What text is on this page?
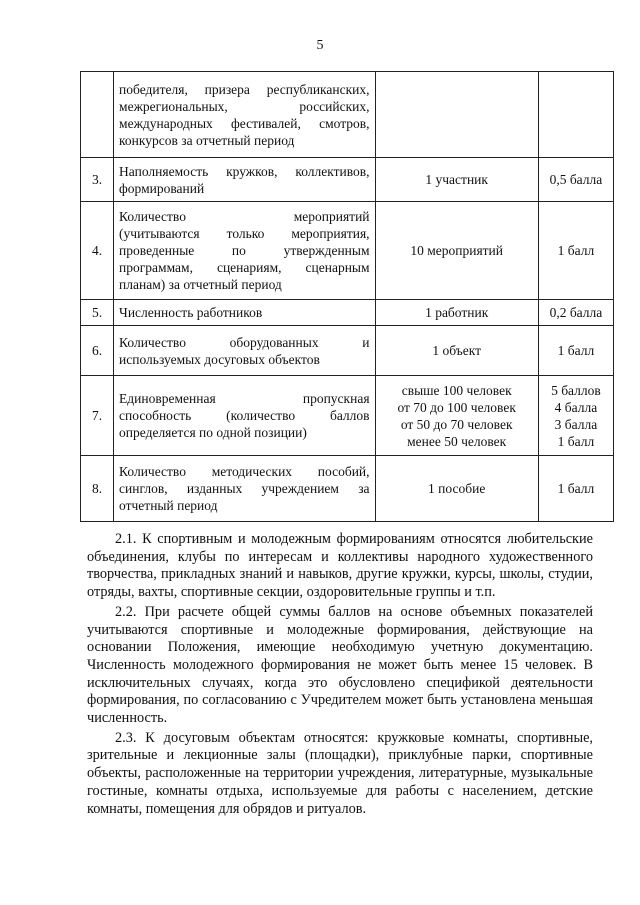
5

	победителя, призера республиканских,
межрегиональных, российских,
международных фестивалей, смотров,
конкурсов за отчетный период		

3.	Наполняемость кружков, коллективов,
формирований	1 участник	0,5 балла

4.	Количество мероприятий
(учитываются только мероприятия,
проведенные по утвержденным
программам, сценариям, сценарным
планам) за отчетный период	10 мероприятий	1 балл

5.	Численность работников	1 работник	0,2 балла

6.	Количество оборудованных и
используемых досуговых объектов	1 объект	1 балл

7.	Единовременная пропускная
способность (количество баллов
определяется по одной позиции)	свыше 100 человек
от 70 до 100 человек
от 50 до 70 человек
менее 50 человек	5 баллов
4 балла
3 балла
1 балл

8.	Количество методических пособий,
синглов, изданных учреждением за
отчетный период	1 пособие	1 балл

2.1. К спортивным и молодежным формированиям относятся любительские объединения, клубы по интересам и коллективы народного художественного творчества, прикладных знаний и навыков, другие кружки, курсы, школы, студии, отряды, вахты, спортивные секции, оздоровительные группы и т.п.

2.2. При расчете общей суммы баллов на основе объемных показателей учитываются спортивные и молодежные формирования, действующие на основании Положения, имеющие необходимую учетную документацию. Численность молодежного формирования не может быть менее 15 человек. В исключительных случаях, когда это обусловлено спецификой деятельности формирования, по согласованию с Учредителем может быть установлена меньшая численность.

2.3. К досуговым объектам относятся: кружковые комнаты, спортивные, зрительные и лекционные залы (площадки), приклубные парки, спортивные объекты, расположенные на территории учреждения, литературные, музыкальные гостиные, комнаты отдыха, используемые для работы с населением, детские комнаты, помещения для обрядов и ритуалов.
